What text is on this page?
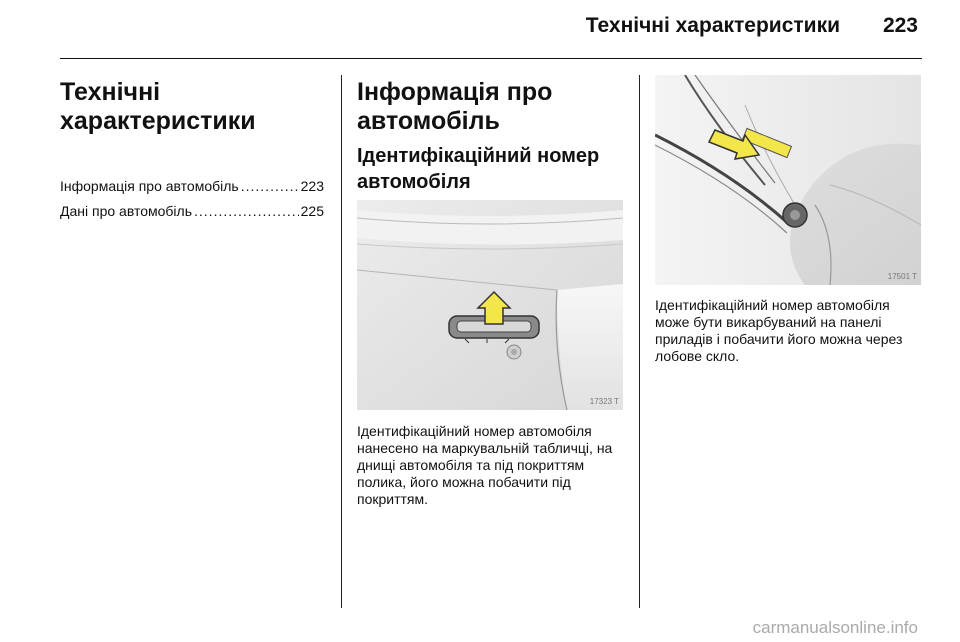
Технічні характеристики 223
Технічні характеристики
Інформація про автомобіль .....	223
Дані про автомобіль .....	225
Інформація про автомобіль
Ідентифікаційний номер автомобіля
17323 T
Ідентифікаційний номер автомобіля нанесено на маркувальній табличці, на днищі автомобіля та під покриттям полика, його можна побачити під покриттям.
17501 T
Ідентифікаційний номер автомобіля може бути викарбуваний на панелі приладів і побачити його можна через лобове скло.
carmanualsonline.info
